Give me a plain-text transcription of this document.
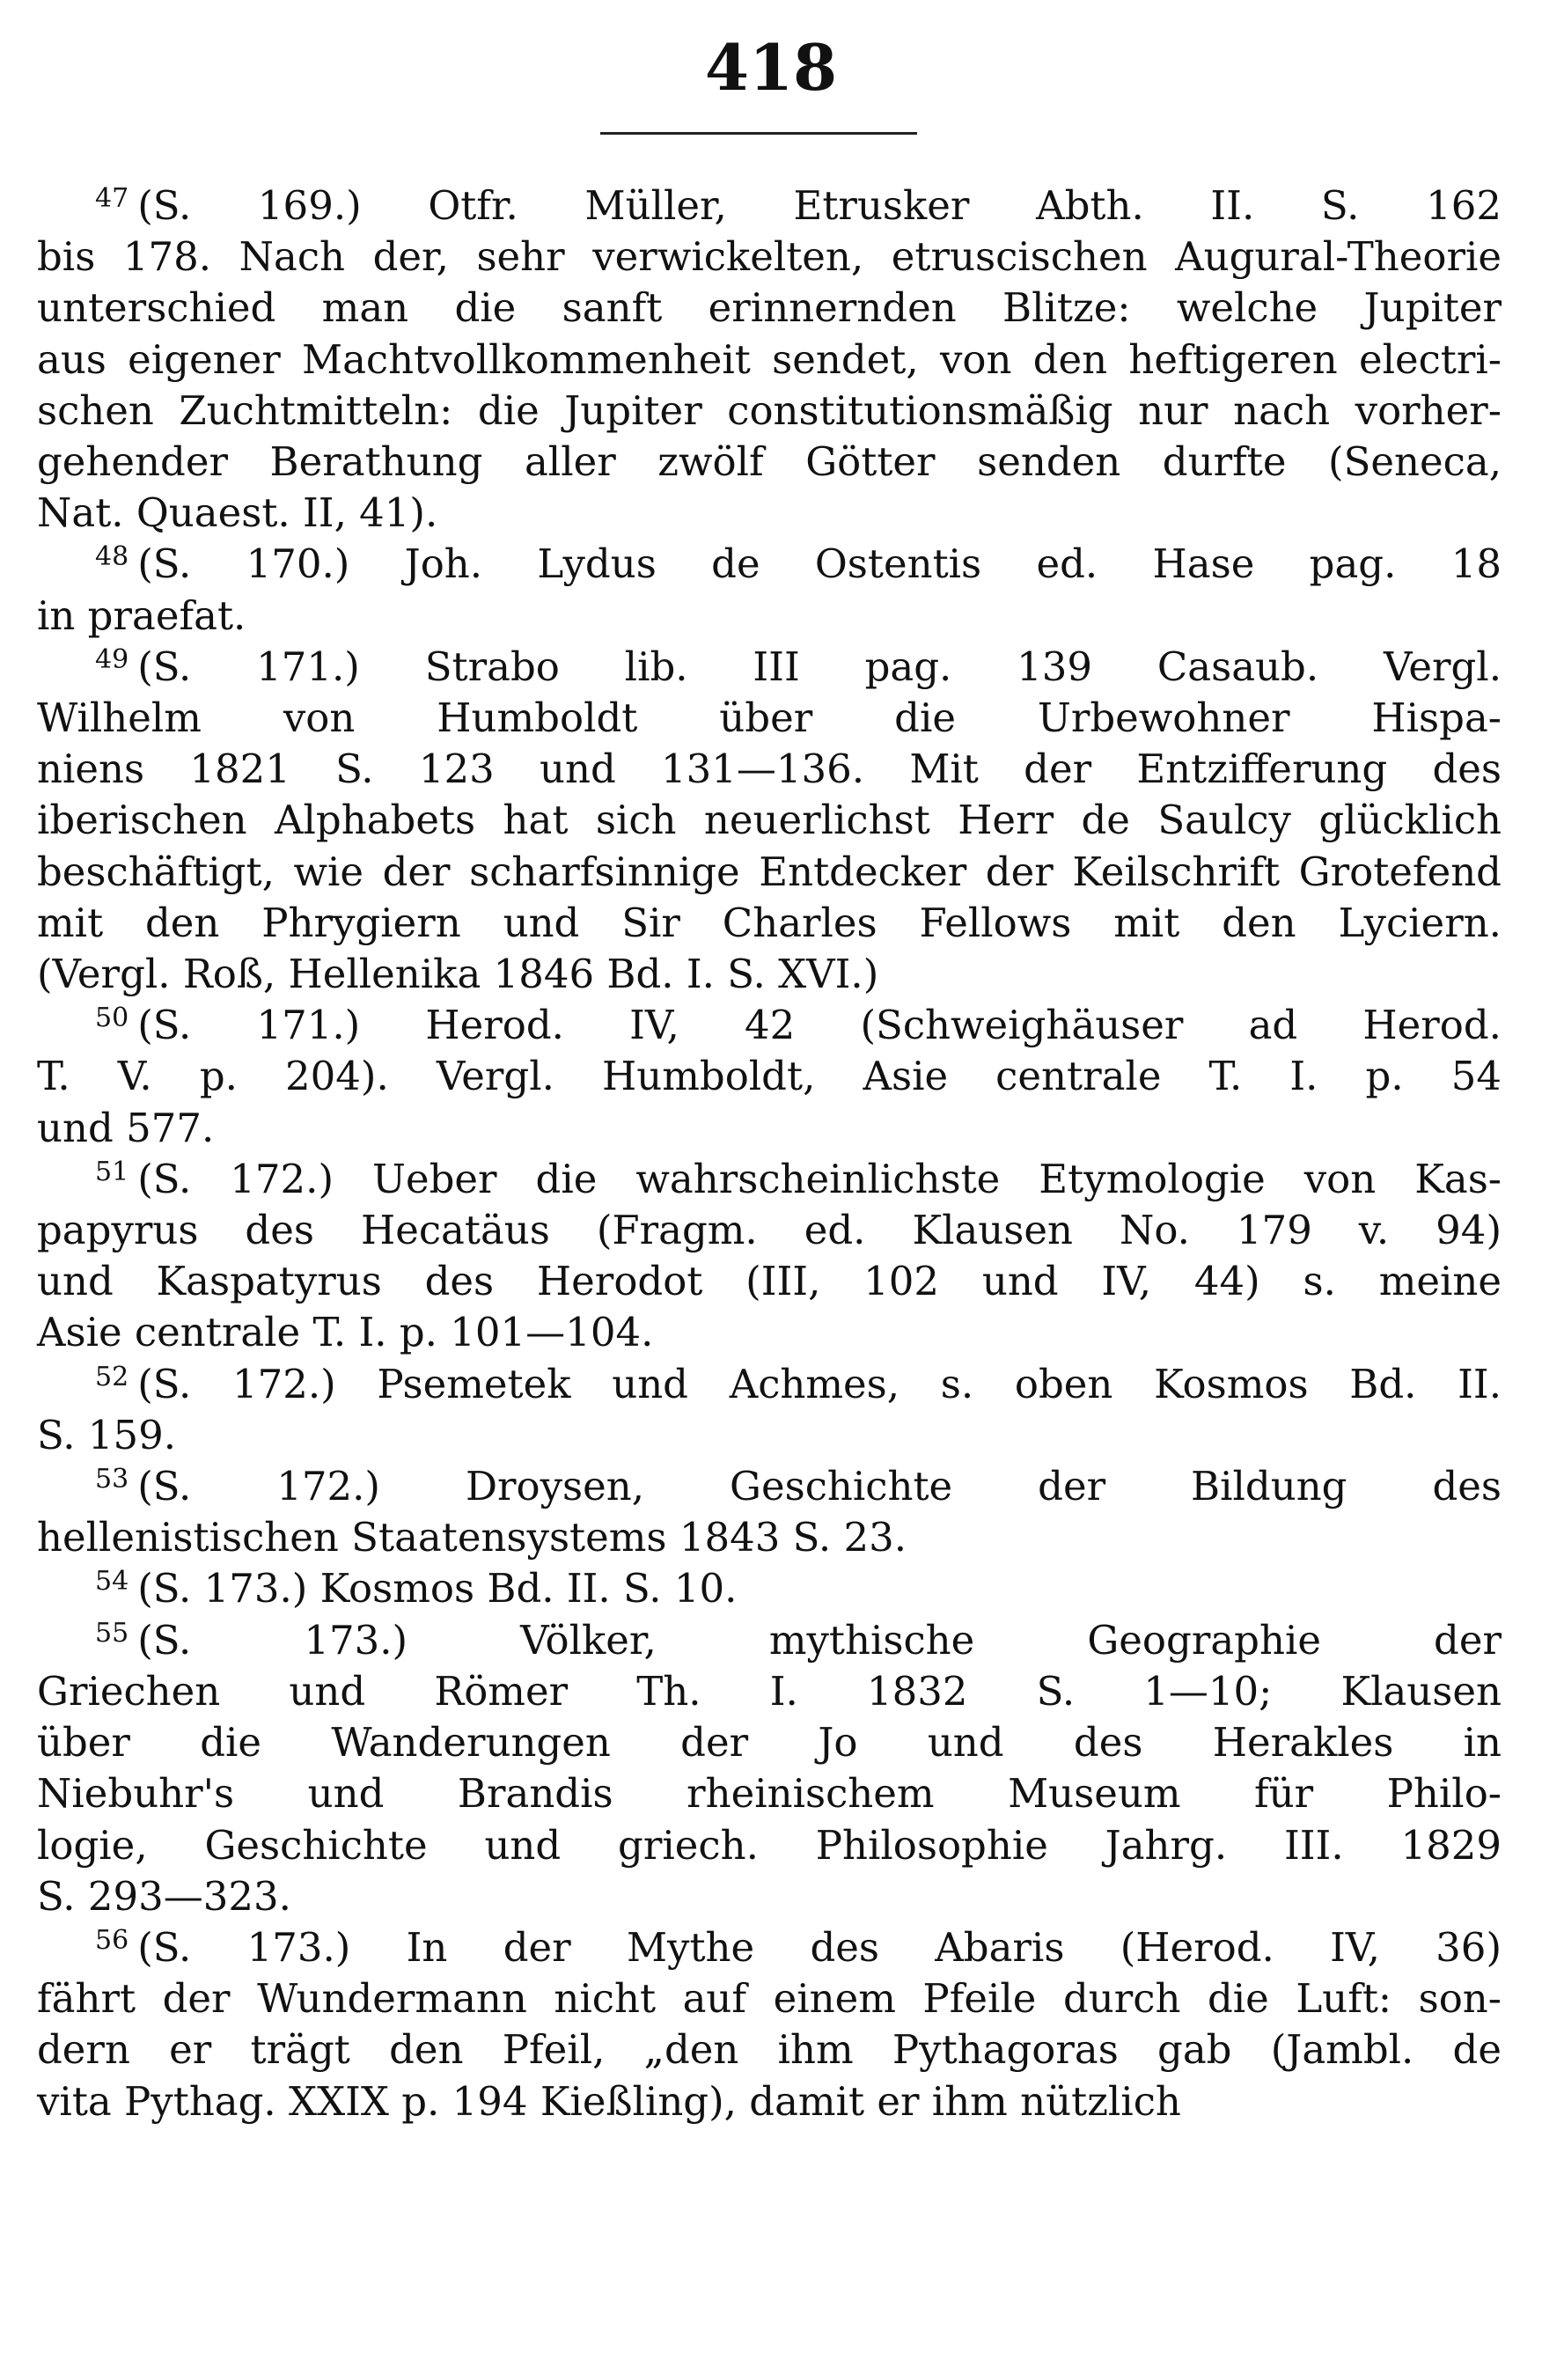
418

$^{47}$ (S. 169.) Otfr. Müller, Etrusker Abth. II. S. 162
bis 178. Nach der, sehr verwickelten, etruscischen Augural-Theorie
unterschied man die sanft erinnernden Blitze: welche Jupiter
aus eigener Machtvollkommenheit sendet, von den heftigeren electri-
schen Zuchtmitteln: die Jupiter constitutionsmäßig nur nach vorher-
gehender Berathung aller zwölf Götter senden durfte (Seneca,
Nat. Quaest. II, 41).

$^{48}$ (S. 170.) Joh. Lydus de Ostentis ed. Hase pag. 18
in praefat.

$^{49}$ (S. 171.) Strabo lib. III pag. 139 Casaub. Vergl.
Wilhelm von Humboldt über die Urbewohner Hispa-
niens 1821 S. 123 und 131—136. Mit der Entzifferung des
iberischen Alphabets hat sich neuerlichst Herr de Saulcy glücklich
beschäftigt, wie der scharfsinnige Entdecker der Keilschrift Grotefend
mit den Phrygiern und Sir Charles Fellows mit den Lyciern.
(Vergl. Roß, Hellenika 1846 Bd. I. S. XVI.)

$^{50}$ (S. 171.) Herod. IV, 42 (Schweighäuser ad Herod.
T. V. p. 204). Vergl. Humboldt, Asie centrale T. I. p. 54
und 577.

$^{51}$ (S. 172.) Ueber die wahrscheinlichste Etymologie von Kas-
papyrus des Hecatäus (Fragm. ed. Klausen No. 179 v. 94)
und Kaspatyrus des Herodot (III, 102 und IV, 44) s. meine
Asie centrale T. I. p. 101—104.

$^{52}$ (S. 172.) Psemetek und Achmes, s. oben Kosmos Bd. II.
S. 159.

$^{53}$ (S. 172.) Droysen, Geschichte der Bildung des
hellenistischen Staatensystems 1843 S. 23.

$^{54}$ (S. 173.) Kosmos Bd. II. S. 10.

$^{55}$ (S. 173.) Völker, mythische Geographie der
Griechen und Römer Th. I. 1832 S. 1—10; Klausen
über die Wanderungen der Jo und des Herakles in
Niebuhr's und Brandis rheinischem Museum für Philo-
logie, Geschichte und griech. Philosophie Jahrg. III. 1829
S. 293—323.

$^{56}$ (S. 173.) In der Mythe des Abaris (Herod. IV, 36)
fährt der Wundermann nicht auf einem Pfeile durch die Luft: son-
dern er trägt den Pfeil, „den ihm Pythagoras gab (Jambl. de
vita Pythag. XXIX p. 194 Kießling), damit er ihm nützlich
